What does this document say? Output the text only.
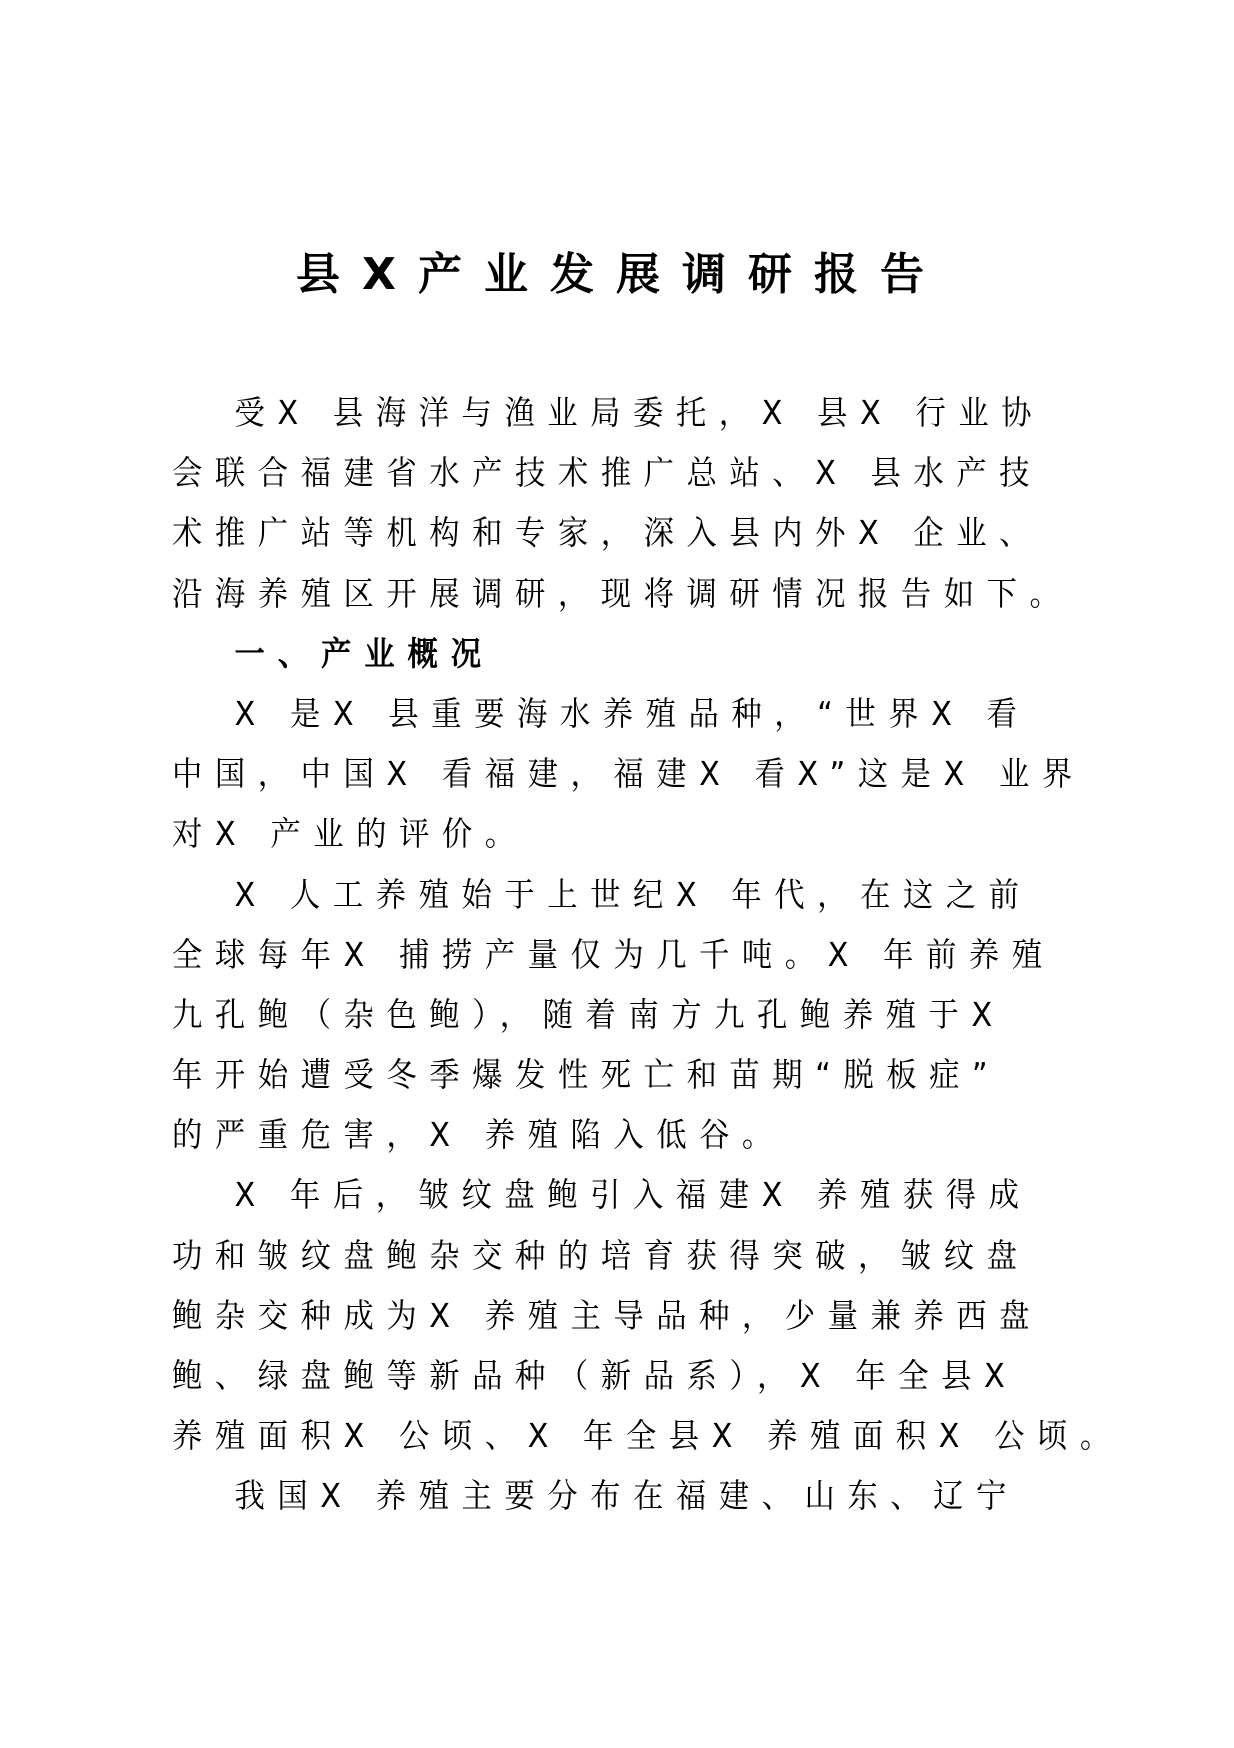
县X产业发展调研报告
受X 县海洋与渔业局委托，X 县X 行业协
会联合福建省水产技术推广总站、X 县水产技
术推广站等机构和专家，深入县内外X 企业、
沿海养殖区开展调研，现将调研情况报告如下。
一、产业概况
X 是X 县重要海水养殖品种，“世界X 看
中国，中国X 看福建，福建X 看X”这是X 业界
对X 产业的评价。
X 人工养殖始于上世纪X 年代，在这之前
全球每年X 捕捞产量仅为几千吨。X 年前养殖
九孔鲍（杂色鲍），随着南方九孔鲍养殖于X
年开始遭受冬季爆发性死亡和苗期“脱板症”
的严重危害，X 养殖陷入低谷。
X 年后，皱纹盘鲍引入福建X 养殖获得成
功和皱纹盘鲍杂交种的培育获得突破，皱纹盘
鲍杂交种成为X 养殖主导品种，少量兼养西盘
鲍、绿盘鲍等新品种（新品系），X 年全县X
养殖面积X 公顷、X 年全县X 养殖面积X 公顷。
我国X 养殖主要分布在福建、山东、辽宁
